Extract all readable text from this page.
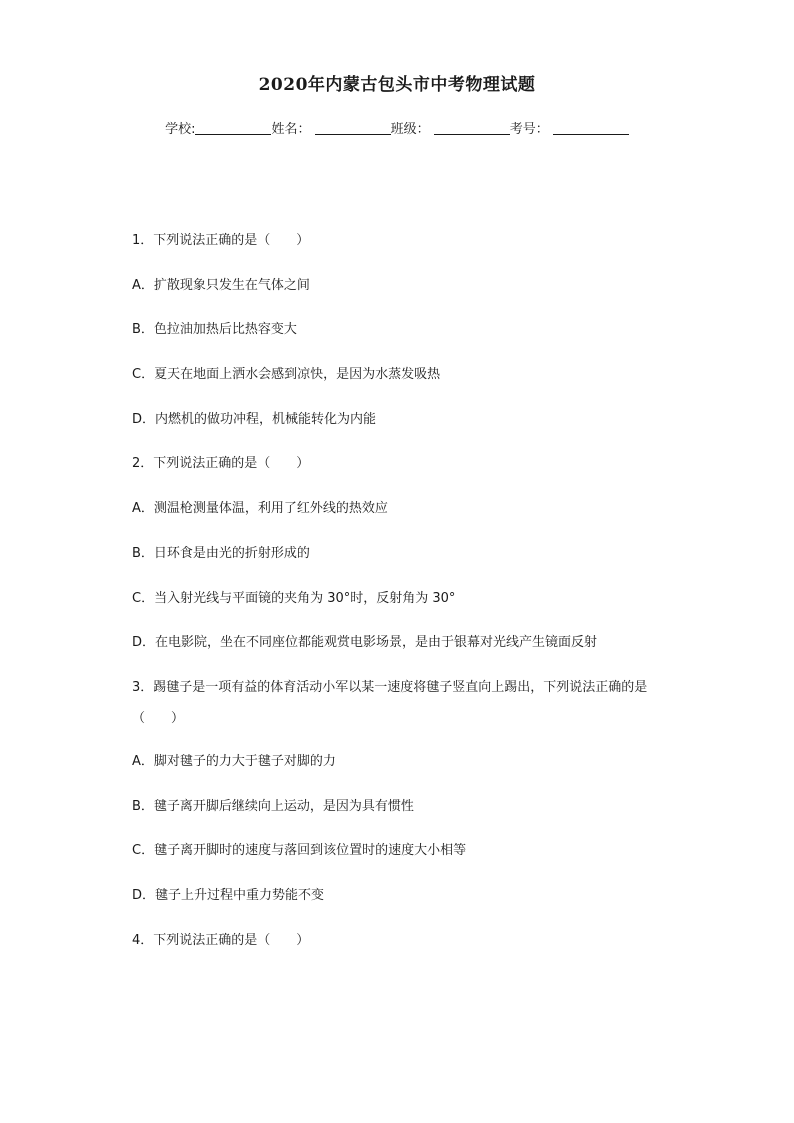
2020年内蒙古包头市中考物理试题
学校:	姓名：	班级：	考号：
1．下列说法正确的是（　　）
A．扩散现象只发生在气体之间
B．色拉油加热后比热容变大
C．夏天在地面上洒水会感到凉快，是因为水蒸发吸热
D．内燃机的做功冲程，机械能转化为内能
2．下列说法正确的是（　　）
A．测温枪测量体温，利用了红外线的热效应
B．日环食是由光的折射形成的
C．当入射光线与平面镜的夹角为 30°时，反射角为 30°
D．在电影院，坐在不同座位都能观赏电影场景，是由于银幕对光线产生镜面反射
3．踢毽子是一项有益的体育活动小军以某一速度将毽子竖直向上踢出，下列说法正确的是（　　）
A．脚对毽子的力大于毽子对脚的力
B．毽子离开脚后继续向上运动，是因为具有惯性
C．毽子离开脚时的速度与落回到该位置时的速度大小相等
D．毽子上升过程中重力势能不变
4．下列说法正确的是（　　）
